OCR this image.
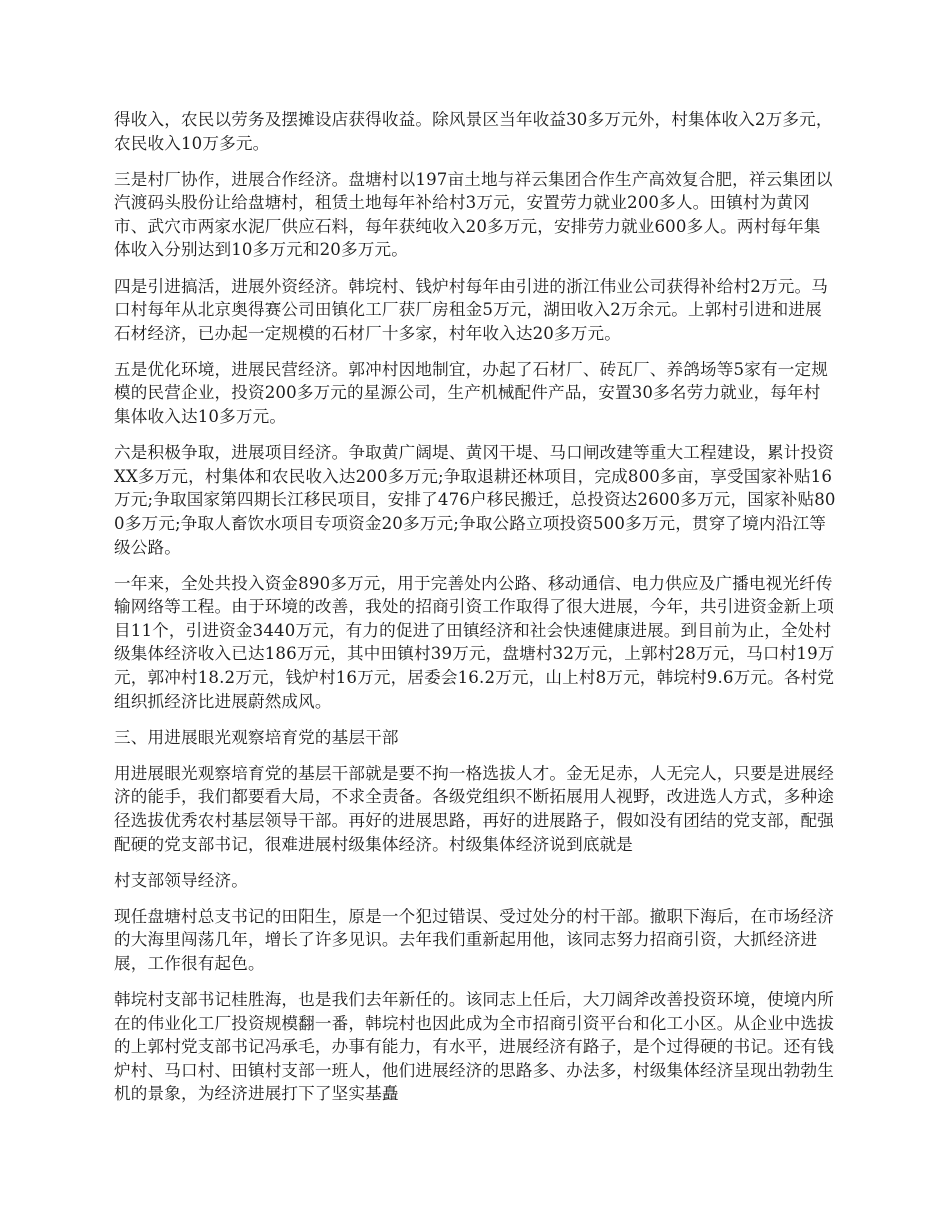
得收入，农民以劳务及摆摊设店获得收益。除风景区当年收益30多万元外，村集体收入2万多元，农民收入10万多元。

三是村厂协作，进展合作经济。盘塘村以197亩土地与祥云集团合作生产高效复合肥，祥云集团以汽渡码头股份让给盘塘村，租赁土地每年补给村3万元，安置劳力就业200多人。田镇村为黄冈市、武穴市两家水泥厂供应石料，每年获纯收入20多万元，安排劳力就业600多人。两村每年集体收入分别达到10多万元和20多万元。

四是引进搞活，进展外资经济。韩垸村、钱炉村每年由引进的浙江伟业公司获得补给村2万元。马口村每年从北京奥得赛公司田镇化工厂获厂房租金5万元，湖田收入2万余元。上郭村引进和进展石材经济，已办起一定规模的石材厂十多家，村年收入达20多万元。

五是优化环境，进展民营经济。郭冲村因地制宜，办起了石材厂、砖瓦厂、养鸽场等5家有一定规模的民营企业，投资200多万元的星源公司，生产机械配件产品，安置30多名劳力就业，每年村集体收入达10多万元。

六是积极争取，进展项目经济。争取黄广阔堤、黄冈干堤、马口闸改建等重大工程建设，累计投资XX多万元，村集体和农民收入达200多万元;争取退耕还林项目，完成800多亩，享受国家补贴16万元;争取国家第四期长江移民项目，安排了476户移民搬迁，总投资达2600多万元，国家补贴800多万元;争取人畜饮水项目专项资金20多万元;争取公路立项投资500多万元，贯穿了境内沿江等级公路。

一年来，全处共投入资金890多万元，用于完善处内公路、移动通信、电力供应及广播电视光纤传输网络等工程。由于环境的改善，我处的招商引资工作取得了很大进展，今年，共引进资金新上项目11个，引进资金3440万元，有力的促进了田镇经济和社会快速健康进展。到目前为止，全处村级集体经济收入已达186万元，其中田镇村39万元，盘塘村32万元，上郭村28万元，马口村19万元，郭冲村18.2万元，钱炉村16万元，居委会16.2万元，山上村8万元，韩垸村9.6万元。各村党组织抓经济比进展蔚然成风。

三、用进展眼光观察培育党的基层干部

用进展眼光观察培育党的基层干部就是要不拘一格选拔人才。金无足赤，人无完人，只要是进展经济的能手，我们都要看大局，不求全责备。各级党组织不断拓展用人视野，改进选人方式，多种途径选拔优秀农村基层领导干部。再好的进展思路，再好的进展路子，假如没有团结的党支部，配强配硬的党支部书记，很难进展村级集体经济。村级集体经济说到底就是

村支部领导经济。

现任盘塘村总支书记的田阳生，原是一个犯过错误、受过处分的村干部。撤职下海后，在市场经济的大海里闯荡几年，增长了许多见识。去年我们重新起用他，该同志努力招商引资，大抓经济进展，工作很有起色。

韩垸村支部书记桂胜海，也是我们去年新任的。该同志上任后，大刀阔斧改善投资环境，使境内所在的伟业化工厂投资规模翻一番，韩垸村也因此成为全市招商引资平台和化工小区。从企业中选拔的上郭村党支部书记冯承毛，办事有能力，有水平，进展经济有路子，是个过得硬的书记。还有钱炉村、马口村、田镇村支部一班人，他们进展经济的思路多、办法多，村级集体经济呈现出勃勃生机的景象，为经济进展打下了坚实基矗
